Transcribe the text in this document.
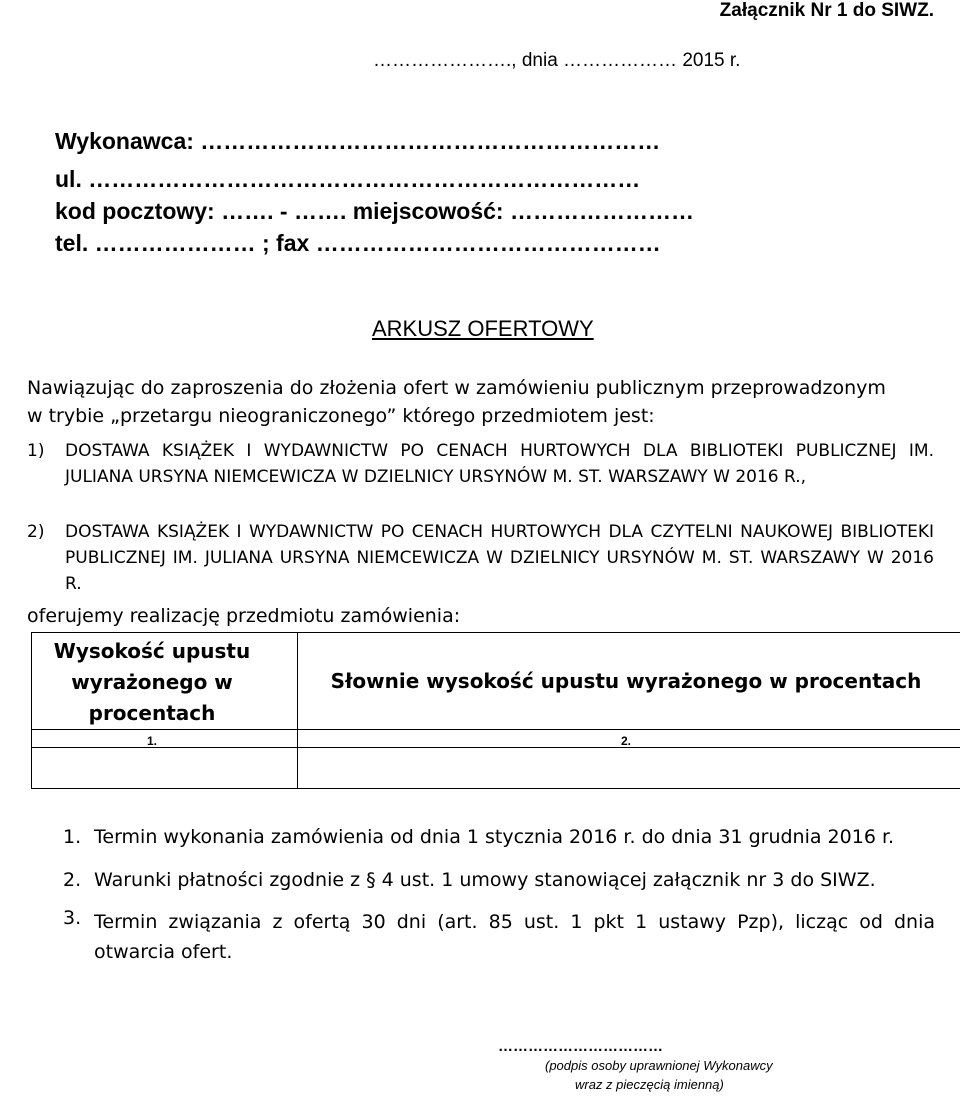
Załącznik Nr 1 do SIWZ.
…………………., dnia ……………… 2015 r.
Wykonawca: ……………………………………………………
ul. ………………………………………………………………
kod pocztowy: ……. - ……. miejscowość: ……………………
tel. ………………… ; fax ………………………………………
ARKUSZ OFERTOWY
Nawiązując do zaproszenia do złożenia ofert w zamówieniu publicznym przeprowadzonym
w trybie „przetargu nieograniczonego” którego przedmiotem jest:
1) DOSTAWA KSIĄŻEK I WYDAWNICTW PO CENACH HURTOWYCH DLA BIBLIOTEKI PUBLICZNEJ IM. JULIANA URSYNA NIEMCEWICZA W DZIELNICY URSYNÓW M. ST. WARSZAWY W 2016 R.,
2) DOSTAWA KSIĄŻEK I WYDAWNICTW PO CENACH HURTOWYCH DLA CZYTELNI NAUKOWEJ BIBLIOTEKI PUBLICZNEJ IM. JULIANA URSYNA NIEMCEWICZA W DZIELNICY URSYNÓW M. ST. WARSZAWY W 2016 R.
oferujemy realizację przedmiotu zamówienia:
Wysokość upustu
wyrażonego w
procentach
Słownie wysokość upustu wyrażonego w procentach
1.	2.
1. Termin wykonania zamówienia od dnia 1 stycznia 2016 r. do dnia 31 grudnia 2016 r.
2. Warunki płatności zgodnie z § 4 ust. 1 umowy stanowiącej załącznik nr 3 do SIWZ.
3. Termin związania z ofertą 30 dni (art. 85 ust. 1 pkt 1 ustawy Pzp), licząc od dnia otwarcia ofert.
……………………………
(podpis osoby uprawnionej Wykonawcy
wraz z pieczęcią imienną)
